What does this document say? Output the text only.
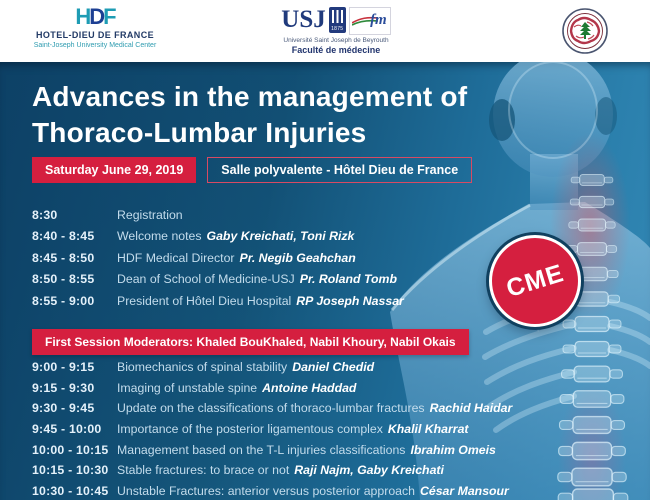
HDF
HOTEL-DIEU DE FRANCE
Saint-Joseph University Medical Center
USJ	1875
fm
Université Saint Joseph de Beyrouth
Faculté de médecine
Advances in the management of
Thoraco-Lumbar Injuries
Saturday June 29, 2019	Salle polyvalente - Hôtel Dieu de France
CME
8:30	Registration
8:40 - 8:45	Welcome notes Gaby Kreichati, Toni Rizk
8:45 - 8:50	HDF Medical Director Pr. Negib Geahchan
8:50 - 8:55	Dean of School of Medicine-USJ Pr. Roland Tomb
8:55 - 9:00	President of Hôtel Dieu Hospital RP Joseph Nassar
First Session Moderators: Khaled BouKhaled, Nabil Khoury, Nabil Okais
9:00 - 9:15	Biomechanics of spinal stability Daniel Chedid
9:15 - 9:30	Imaging of unstable spine Antoine Haddad
9:30 - 9:45	Update on the classifications of thoraco-lumbar fractures Rachid Haidar
9:45 - 10:00	Importance of the posterior ligamentous complex Khalil Kharrat
10:00 - 10:15 Management based on the T-L injuries classifications Ibrahim Omeis
10:15 - 10:30 Stable fractures: to brace or not Raji Najm, Gaby Kreichati
10:30 - 10:45 Unstable Fractures: anterior versus posterior approach César Mansour
